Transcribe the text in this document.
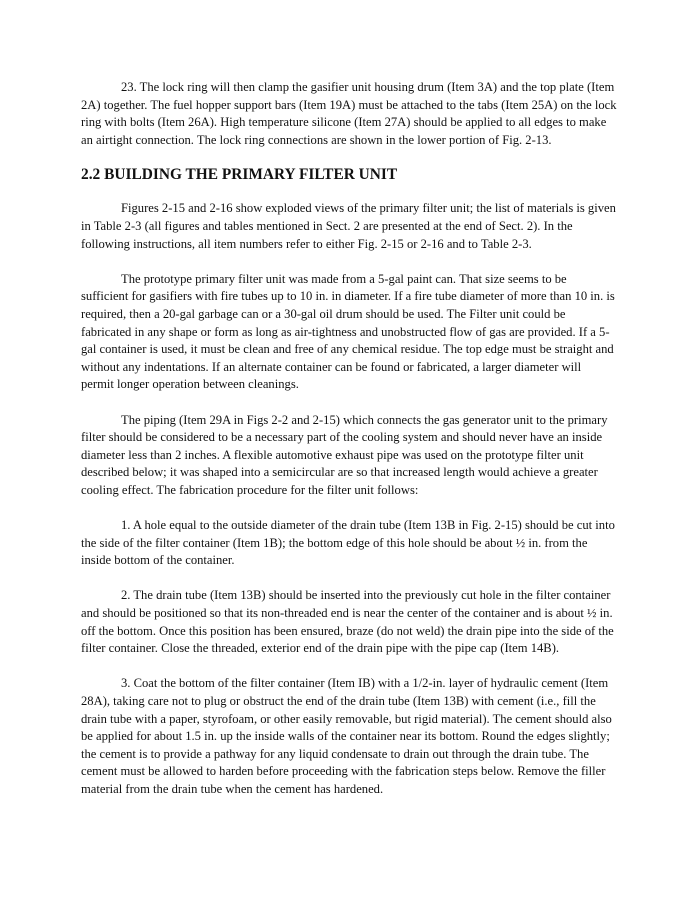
23. The lock ring will then clamp the gasifier unit housing drum (Item 3A) and the top plate (Item 2A) together. The fuel hopper support bars (Item 19A) must be attached to the tabs (Item 25A) on the lock ring with bolts (Item 26A). High temperature silicone (Item 27A) should be applied to all edges to make an airtight connection. The lock ring connections are shown in the lower portion of Fig. 2-13.

2.2 BUILDING THE PRIMARY FILTER UNIT

Figures 2-15 and 2-16 show exploded views of the primary filter unit; the list of materials is given in Table 2-3 (all figures and tables mentioned in Sect. 2 are presented at the end of Sect. 2). In the following instructions, all item numbers refer to either Fig. 2-15 or 2-16 and to Table 2-3.

The prototype primary filter unit was made from a 5-gal paint can. That size seems to be sufficient for gasifiers with fire tubes up to 10 in. in diameter. If a fire tube diameter of more than 10 in. is required, then a 20-gal garbage can or a 30-gal oil drum should be used. The Filter unit could be fabricated in any shape or form as long as air-tightness and unobstructed flow of gas are provided. If a 5-gal container is used, it must be clean and free of any chemical residue. The top edge must be straight and without any indentations. If an alternate container can be found or fabricated, a larger diameter will permit longer operation between cleanings.

The piping (Item 29A in Figs 2-2 and 2-15) which connects the gas generator unit to the primary filter should be considered to be a necessary part of the cooling system and should never have an inside diameter less than 2 inches. A flexible automotive exhaust pipe was used on the prototype filter unit described below; it was shaped into a semicircular are so that increased length would achieve a greater cooling effect. The fabrication procedure for the filter unit follows:

1. A hole equal to the outside diameter of the drain tube (Item 13B in Fig. 2-15) should be cut into the side of the filter container (Item 1B); the bottom edge of this hole should be about ½ in. from the inside bottom of the container.

2. The drain tube (Item 13B) should be inserted into the previously cut hole in the filter container and should be positioned so that its non-threaded end is near the center of the container and is about ½ in. off the bottom. Once this position has been ensured, braze (do not weld) the drain pipe into the side of the filter container. Close the threaded, exterior end of the drain pipe with the pipe cap (Item 14B).

3. Coat the bottom of the filter container (Item IB) with a 1/2-in. layer of hydraulic cement (Item 28A), taking care not to plug or obstruct the end of the drain tube (Item 13B) with cement (i.e., fill the drain tube with a paper, styrofoam, or other easily removable, but rigid material). The cement should also be applied for about 1.5 in. up the inside walls of the container near its bottom. Round the edges slightly; the cement is to provide a pathway for any liquid condensate to drain out through the drain tube. The cement must be allowed to harden before proceeding with the fabrication steps below. Remove the filler material from the drain tube when the cement has hardened.
